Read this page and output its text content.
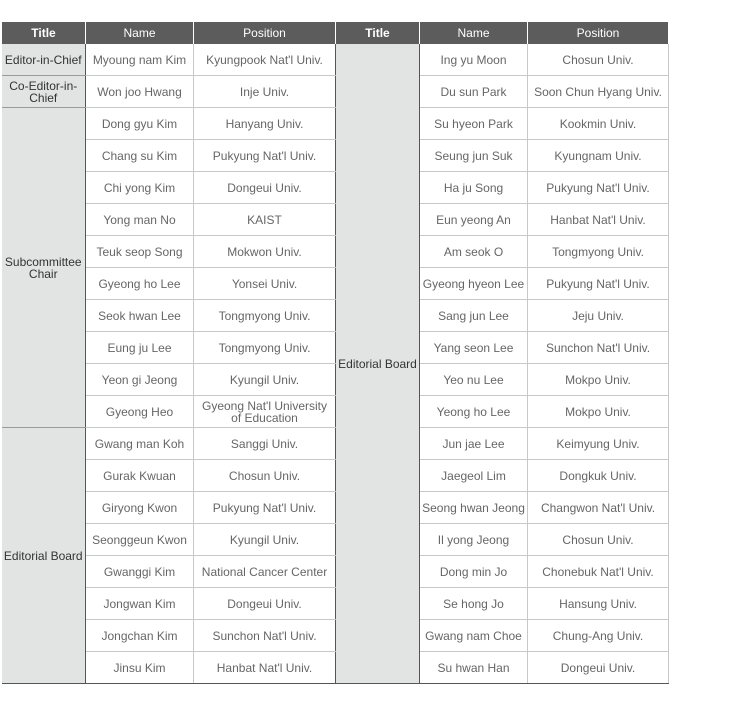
Title	Name	Position	Title	Name	Position
Editor-in-Chief	Myoung nam Kim	Kyungpook Nat'l Univ.	Editorial Board	Ing yu Moon	Chosun Univ.
Co-Editor-in-Chief	Won joo Hwang	Inje Univ.		Du sun Park	Soon Chun Hyang Univ.
Subcommittee Chair	Dong gyu Kim	Hanyang Univ.		Su hyeon Park	Kookmin Univ.
	Chang su Kim	Pukyung Nat'l Univ.		Seung jun Suk	Kyungnam Univ.
	Chi yong Kim	Dongeui Univ.		Ha ju Song	Pukyung Nat'l Univ.
	Yong man No	KAIST		Eun yeong An	Hanbat Nat'l Univ.
	Teuk seop Song	Mokwon Univ.		Am seok O	Tongmyong Univ.
	Gyeong ho Lee	Yonsei Univ.		Gyeong hyeon Lee	Pukyung Nat'l Univ.
	Seok hwan Lee	Tongmyong Univ.		Sang jun Lee	Jeju Univ.
	Eung ju Lee	Tongmyong Univ.		Yang seon Lee	Sunchon Nat'l Univ.
	Yeon gi Jeong	Kyungil Univ.		Yeo nu Lee	Mokpo Univ.
	Gyeong Heo	Gyeong Nat'l University of Education		Yeong ho Lee	Mokpo Univ.
Editorial Board	Gwang man Koh	Sanggi Univ.		Jun jae Lee	Keimyung Univ.
	Gurak Kwuan	Chosun Univ.		Jaegeol Lim	Dongkuk Univ.
	Giryong Kwon	Pukyung Nat'l Univ.		Seong hwan Jeong	Changwon Nat'l Univ.
	Seonggeun Kwon	Kyungil Univ.		Il yong Jeong	Chosun Univ.
	Gwanggi Kim	National Cancer Center		Dong min Jo	Chonebuk Nat'l Univ.
	Jongwan Kim	Dongeui Univ.		Se hong Jo	Hansung Univ.
	Jongchan Kim	Sunchon Nat'l Univ.		Gwang nam Choe	Chung-Ang Univ.
	Jinsu Kim	Hanbat Nat'l Univ.		Su hwan Han	Dongeui Univ.
